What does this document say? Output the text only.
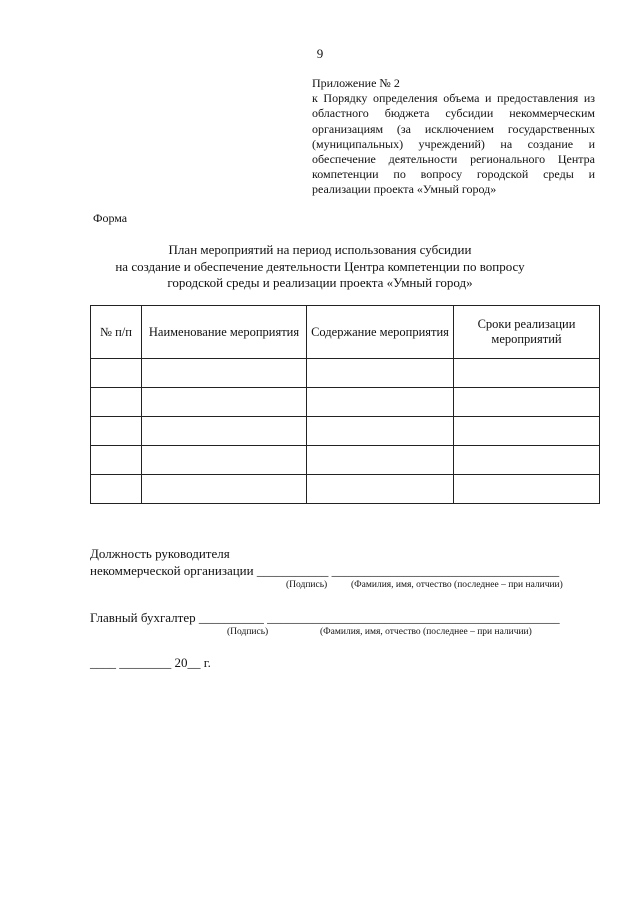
9
Приложение № 2
к Порядку определения объема и предоставления из областного бюджета субсидии некоммерческим организациям (за исключением государственных (муниципальных) учреждений) на создание и обеспечение деятельности регионального Центра компетенции по вопросу городской среды и реализации проекта «Умный город»
Форма
План мероприятий на период использования субсидии
на создание и обеспечение деятельности Центра компетенции по вопросу
городской среды и реализации проекта «Умный город»
№ п/п	Наименование мероприятия	Содержание мероприятия	Сроки реализации мероприятий

Должность руководителя
некоммерческой организации ___________ ___________________________________
(Подпись)	(Фамилия, имя, отчество (последнее – при наличии)
Главный бухгалтер __________ _____________________________________________
(Подпись)	(Фамилия, имя, отчество (последнее – при наличии)
____ ________ 20__ г.
